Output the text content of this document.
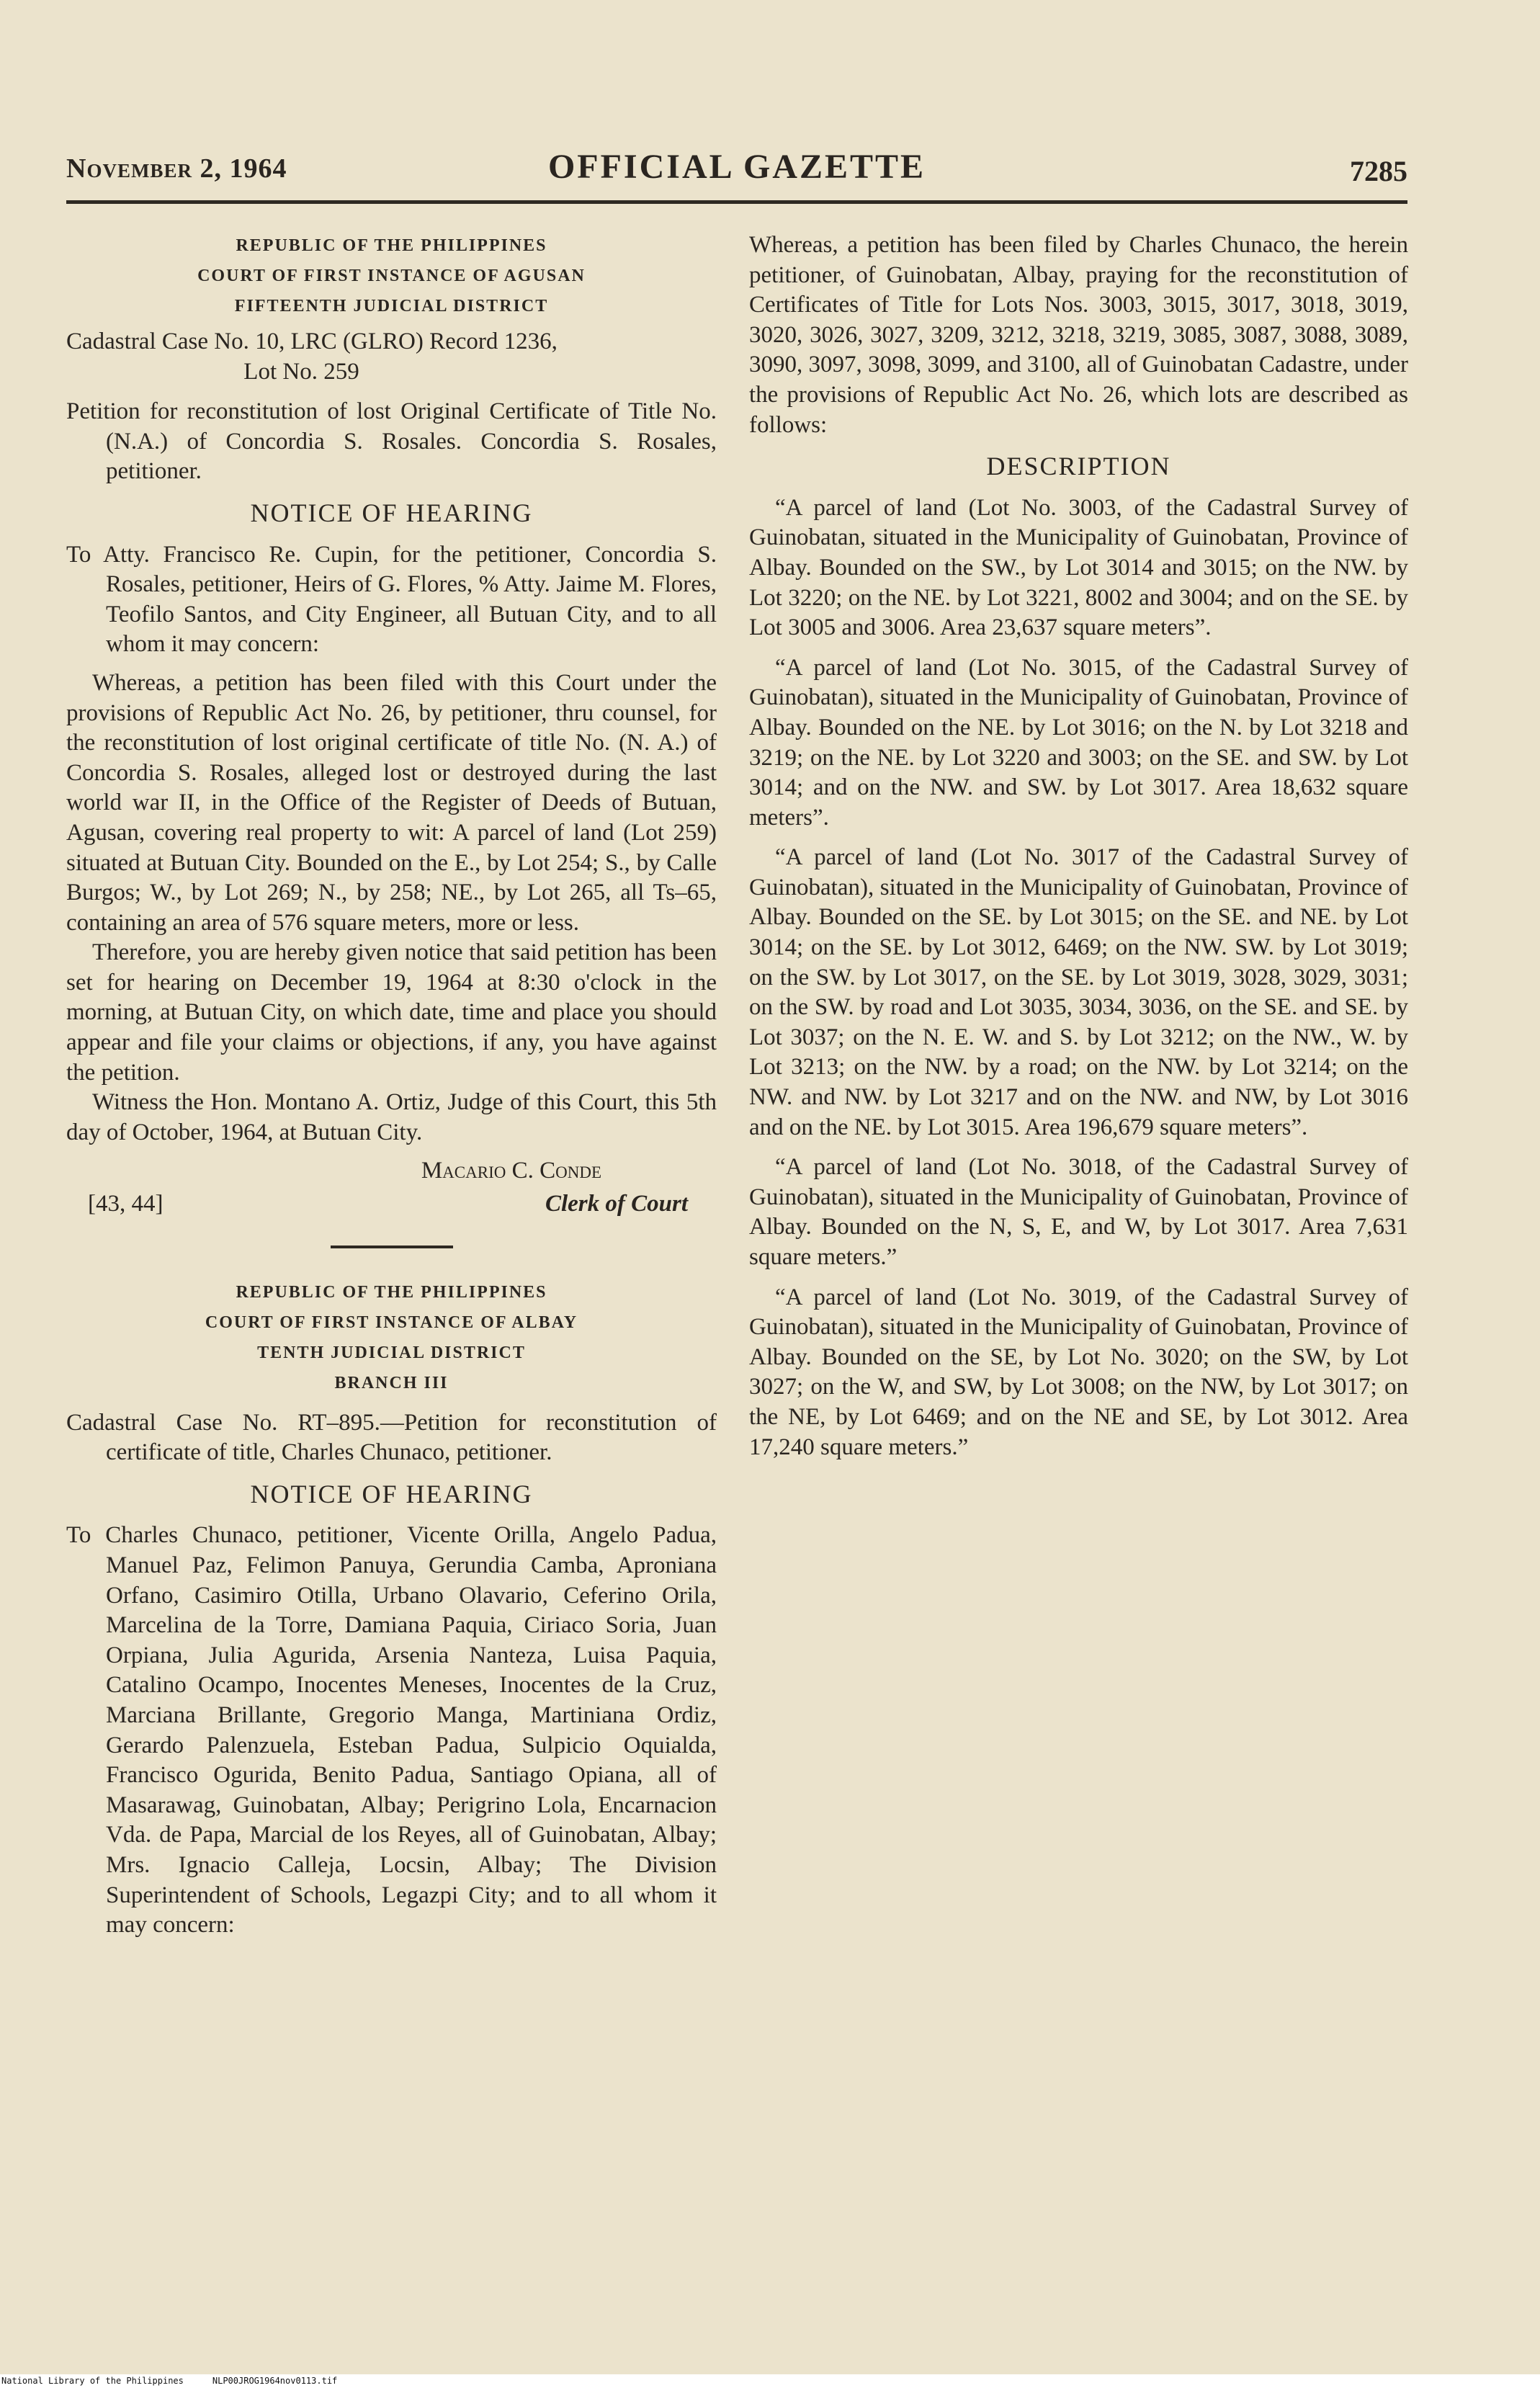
November 2, 1964	OFFICIAL GAZETTE	7285
REPUBLIC OF THE PHILIPPINES
COURT OF FIRST INSTANCE OF AGUSAN
FIFTEENTH JUDICIAL DISTRICT
Cadastral Case No. 10, LRC (GLRO) Record 1236,
Lot No. 259

Petition for reconstitution of lost Original Certificate of Title No. (N.A.) of Concordia S. Rosales. Concordia S. Rosales, petitioner.

NOTICE OF HEARING

To Atty. Francisco Re. Cupin, for the petitioner, Concordia S. Rosales, petitioner, Heirs of G. Flores, % Atty. Jaime M. Flores, Teofilo Santos, and City Engineer, all Butuan City, and to all whom it may concern:

Whereas, a petition has been filed with this Court under the provisions of Republic Act No. 26, by petitioner, thru counsel, for the reconstitution of lost original certificate of title No. (N. A.) of Concordia S. Rosales, alleged lost or destroyed during the last world war II, in the Office of the Register of Deeds of Butuan, Agusan, covering real property to wit: A parcel of land (Lot 259) situated at Butuan City. Bounded on the E., by Lot 254; S., by Calle Burgos; W., by Lot 269; N., by 258; NE., by Lot 265, all Ts–65, containing an area of 576 square meters, more or less.

Therefore, you are hereby given notice that said petition has been set for hearing on December 19, 1964 at 8:30 o'clock in the morning, at Butuan City, on which date, time and place you should appear and file your claims or objections, if any, you have against the petition.

Witness the Hon. Montano A. Ortiz, Judge of this Court, this 5th day of October, 1964, at Butuan City.

Macario C. Conde
[43, 44]	Clerk of Court
REPUBLIC OF THE PHILIPPINES
COURT OF FIRST INSTANCE OF ALBAY
TENTH JUDICIAL DISTRICT
BRANCH III

Cadastral Case No. RT–895.—Petition for reconstitution of certificate of title, Charles Chunaco, petitioner.

NOTICE OF HEARING

To Charles Chunaco, petitioner, Vicente Orilla, Angelo Padua, Manuel Paz, Felimon Panuya, Gerundia Camba, Aproniana Orfano, Casimiro Otilla, Urbano Olavario, Ceferino Orila, Marcelina de la Torre, Damiana Paquia, Ciriaco Soria, Juan Orpiana, Julia Agurida, Arsenia Nanteza, Luisa Paquia, Catalino Ocampo, Inocentes Meneses, Inocentes de la Cruz, Marciana Brillante, Gregorio Manga, Martiniana Ordiz, Gerardo Palenzuela, Esteban Padua, Sulpicio Oquialda, Francisco Ogurida, Benito Padua, Santiago Opiana, all of Masarawag, Guinobatan, Albay; Perigrino Lola, Encarnacion Vda. de Papa, Marcial de los Reyes, all of Guinobatan, Albay; Mrs. Ignacio Calleja, Locsin, Albay; The Division Superintendent of Schools, Legazpi City; and to all whom it may concern:

Whereas, a petition has been filed by Charles Chunaco, the herein petitioner, of Guinobatan, Albay, praying for the reconstitution of Certificates of Title for Lots Nos. 3003, 3015, 3017, 3018, 3019, 3020, 3026, 3027, 3209, 3212, 3218, 3219, 3085, 3087, 3088, 3089, 3090, 3097, 3098, 3099, and 3100, all of Guinobatan Cadastre, under the provisions of Republic Act No. 26, which lots are described as follows:

DESCRIPTION

“A parcel of land (Lot No. 3003, of the Cadastral Survey of Guinobatan, situated in the Municipality of Guinobatan, Province of Albay. Bounded on the SW., by Lot 3014 and 3015; on the NW. by Lot 3220; on the NE. by Lot 3221, 8002 and 3004; and on the SE. by Lot 3005 and 3006. Area 23,637 square meters”.

“A parcel of land (Lot No. 3015, of the Cadastral Survey of Guinobatan), situated in the Municipality of Guinobatan, Province of Albay. Bounded on the NE. by Lot 3016; on the N. by Lot 3218 and 3219; on the NE. by Lot 3220 and 3003; on the SE. and SW. by Lot 3014; and on the NW. and SW. by Lot 3017. Area 18,632 square meters”.

“A parcel of land (Lot No. 3017 of the Cadastral Survey of Guinobatan), situated in the Municipality of Guinobatan, Province of Albay. Bounded on the SE. by Lot 3015; on the SE. and NE. by Lot 3014; on the SE. by Lot 3012, 6469; on the NW. SW. by Lot 3019; on the SW. by Lot 3017, on the SE. by Lot 3019, 3028, 3029, 3031; on the SW. by road and Lot 3035, 3034, 3036, on the SE. and SE. by Lot 3037; on the N. E. W. and S. by Lot 3212; on the NW., W. by Lot 3213; on the NW. by a road; on the NW. by Lot 3214; on the NW. and NW. by Lot 3217 and on the NW. and NW, by Lot 3016 and on the NE. by Lot 3015. Area 196,679 square meters”.

“A parcel of land (Lot No. 3018, of the Cadastral Survey of Guinobatan), situated in the Municipality of Guinobatan, Province of Albay. Bounded on the N, S, E, and W, by Lot 3017. Area 7,631 square meters.”

“A parcel of land (Lot No. 3019, of the Cadastral Survey of Guinobatan), situated in the Municipality of Guinobatan, Province of Albay. Bounded on the SE, by Lot No. 3020; on the SW, by Lot 3027; on the W, and SW, by Lot 3008; on the NW, by Lot 3017; on the NE, by Lot 6469; and on the NE and SE, by Lot 3012. Area 17,240 square meters.”

National Library of the Philippines	NLP00JROG1964nov0113.tif
